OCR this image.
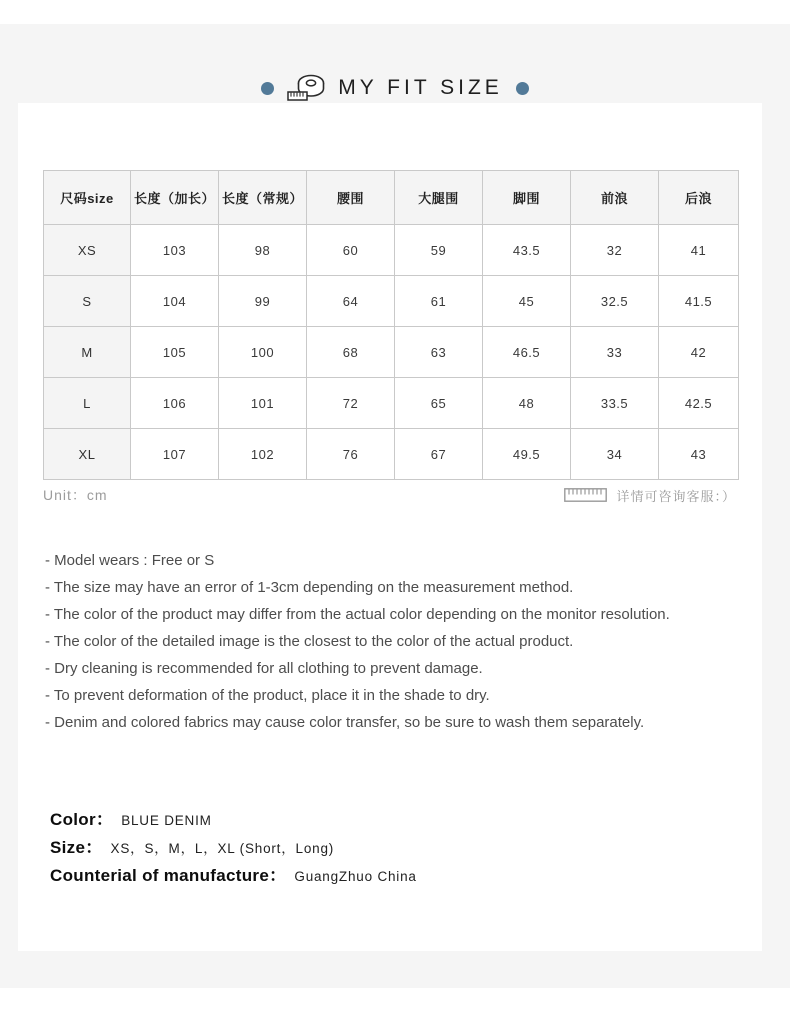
MY FIT SIZE
尺码size	长度（加长）	长度（常规）	腰围	大腿围	脚围	前浪	后浪
XS	103	98	60	59	43.5	32	41
S	104	99	64	61	45	32.5	41.5
M	105	100	68	63	46.5	33	42
L	106	101	72	65	48	33.5	42.5
XL	107	102	76	67	49.5	34	43
Unit：cm	详情可咨询客服：）
- Model wears : Free or S
- The size may have an error of 1-3cm depending on the measurement method.
- The color of the product may differ from the actual color depending on the monitor resolution.
- The color of the detailed image is the closest to the color of the actual product.
- Dry cleaning is recommended for all clothing to prevent damage.
- To prevent deformation of the product, place it in the shade to dry.
- Denim and colored fabrics may cause color transfer, so be sure to wash them separately.
Color： BLUE DENIM
Size： XS，S，M，L，XL (Short，Long)
Counterial of manufacture： GuangZhuo China
